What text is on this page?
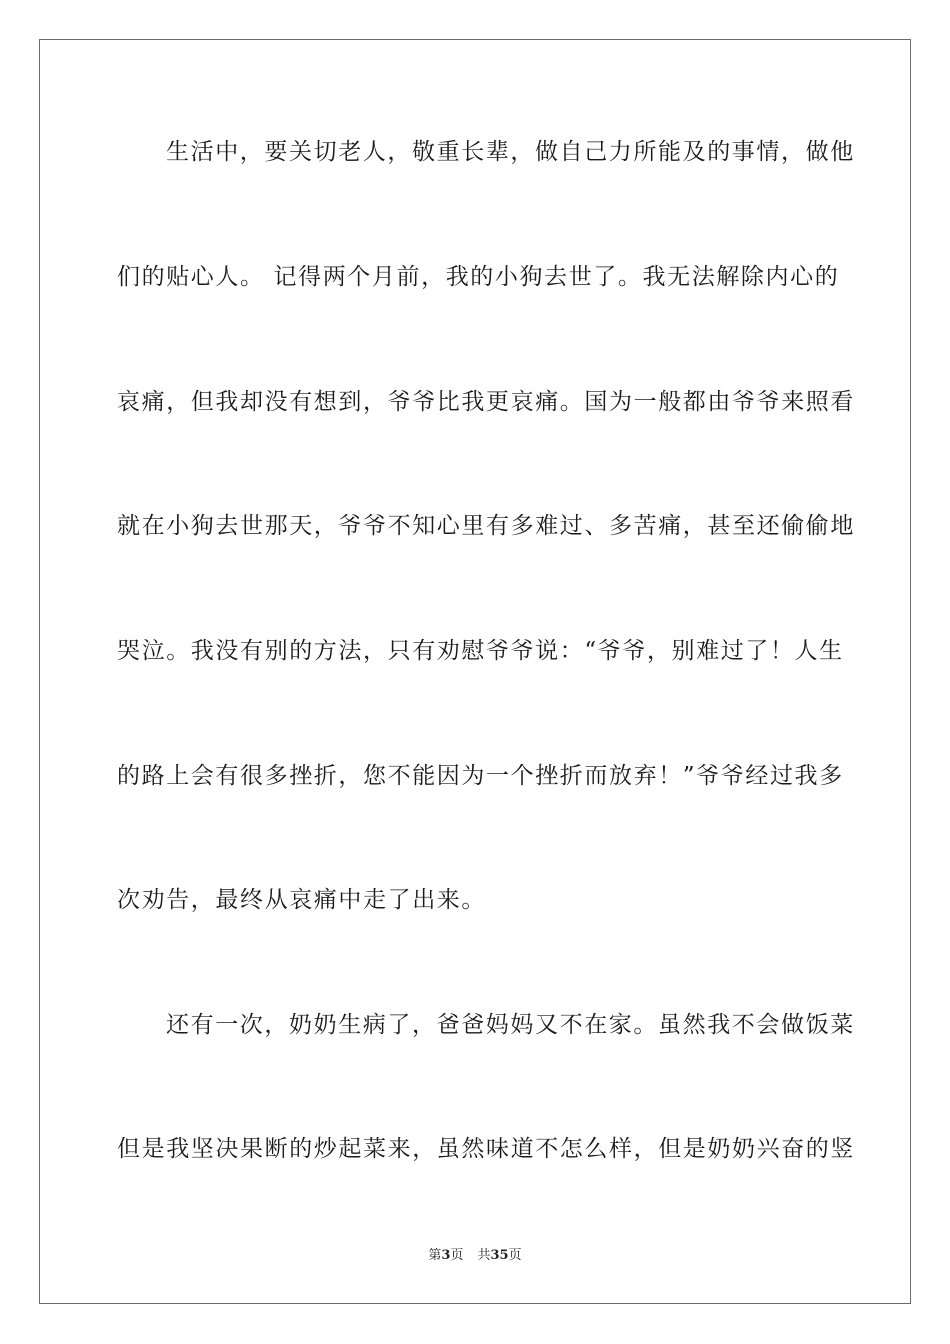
生活中，要关切老人，敬重长辈，做自己力所能及的事情，做他
们的贴心人。 记得两个月前，我的小狗去世了。我无法解除内心的
哀痛，但我却没有想到，爷爷比我更哀痛。国为一般都由爷爷来照看
就在小狗去世那天，爷爷不知心里有多难过、多苦痛，甚至还偷偷地
哭泣。我没有别的方法，只有劝慰爷爷说：“爷爷，别难过了！人生
的路上会有很多挫折，您不能因为一个挫折而放弃！”爷爷经过我多
次劝告，最终从哀痛中走了出来。
还有一次，奶奶生病了，爸爸妈妈又不在家。虽然我不会做饭菜
但是我坚决果断的炒起菜来，虽然味道不怎么样，但是奶奶兴奋的竖
第3页 共35页
